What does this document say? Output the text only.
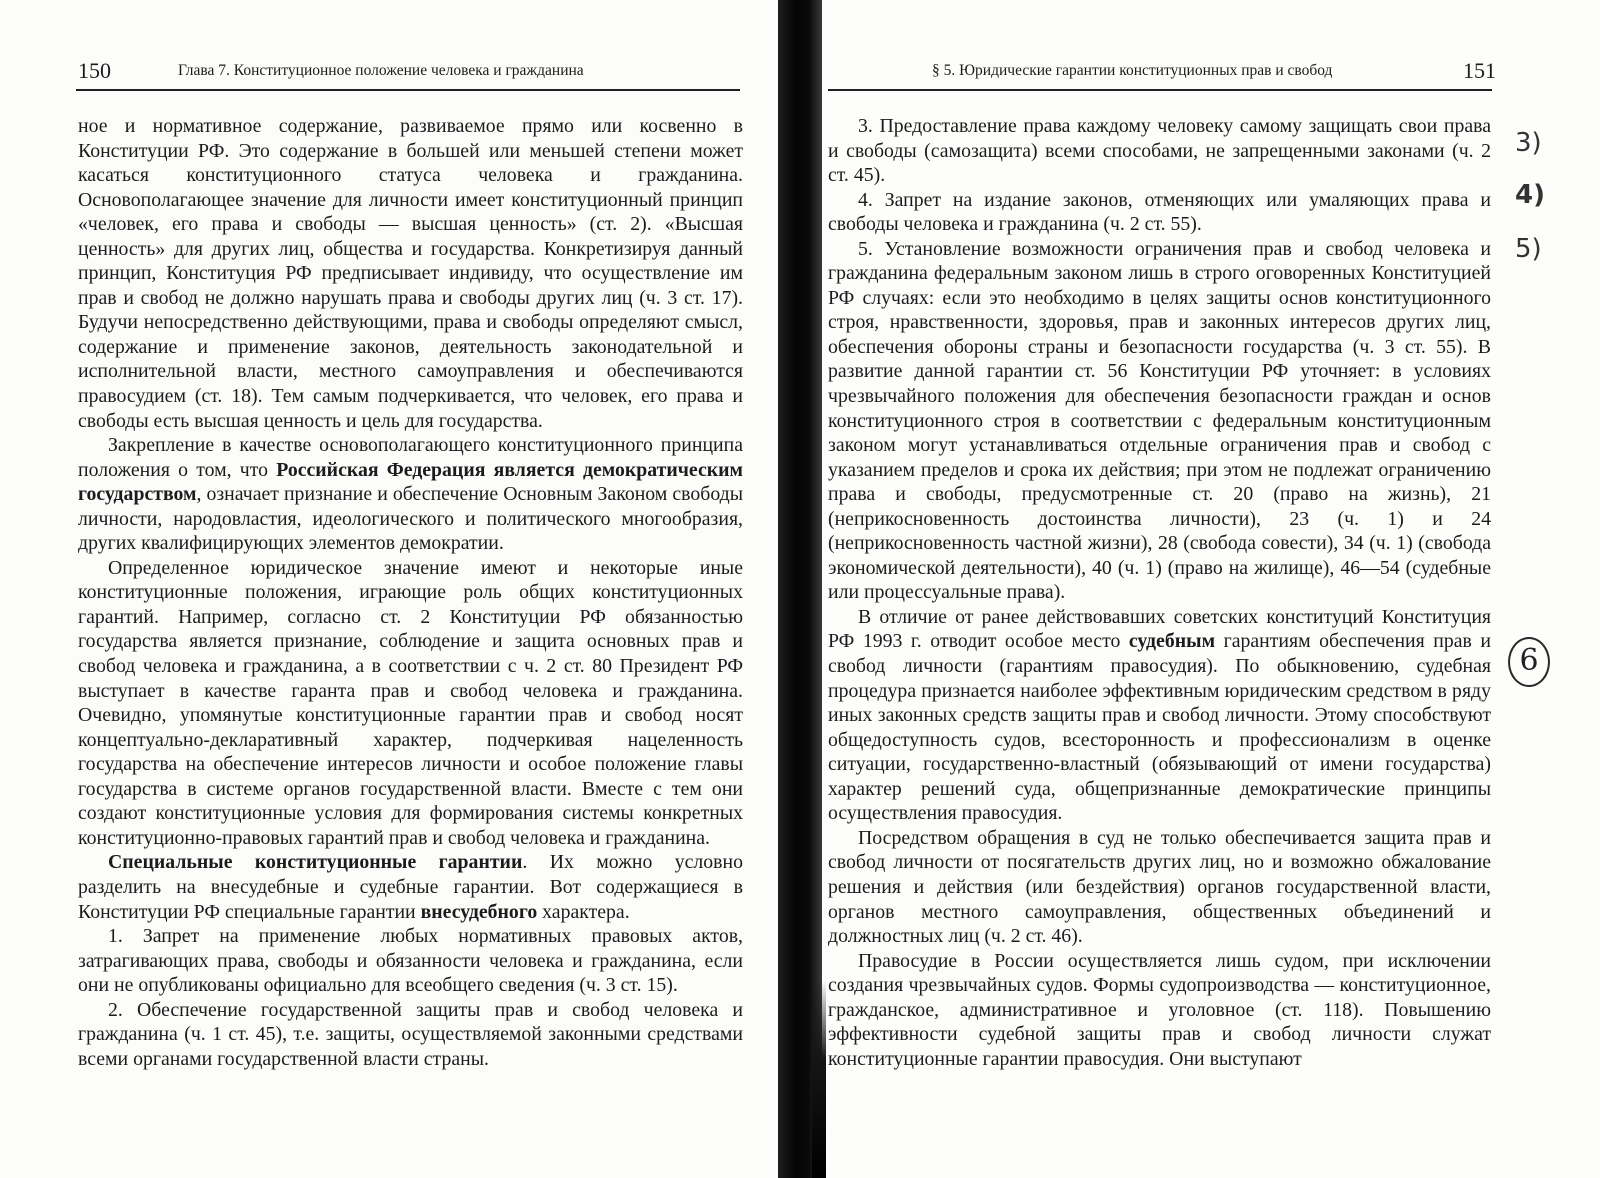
150	Глава 7. Конституционное положение человека и гражданина	§ 5. Юридические гарантии конституционных прав и свобод	151

ное и нормативное содержание, развиваемое прямо или косвенно в Конституции РФ. Это содержание в большей или меньшей степени может касаться конституционного статуса человека и гражданина. Основополагающее значение для личности имеет конституционный принцип «человек, его права и свободы — высшая ценность» (ст. 2). «Высшая ценность» для других лиц, общества и государства. Конкретизируя данный принцип, Конституция РФ предписывает индивиду, что осуществление им прав и свобод не должно нарушать права и свободы других лиц (ч. 3 ст. 17). Будучи непосредственно действующими, права и свободы определяют смысл, содержание и применение законов, деятельность законодательной и исполнительной власти, местного самоуправления и обеспечиваются правосудием (ст. 18). Тем самым подчеркивается, что человек, его права и свободы есть высшая ценность и цель для государства.

Закрепление в качестве основополагающего конституционного принципа положения о том, что Российская Федерация является демократическим государством, означает признание и обеспечение Основным Законом свободы личности, народовластия, идеологического и политического многообразия, других квалифицирующих элементов демократии.

Определенное юридическое значение имеют и некоторые иные конституционные положения, играющие роль общих конституционных гарантий. Например, согласно ст. 2 Конституции РФ обязанностью государства является признание, соблюдение и защита основных прав и свобод человека и гражданина, а в соответствии с ч. 2 ст. 80 Президент РФ выступает в качестве гаранта прав и свобод человека и гражданина. Очевидно, упомянутые конституционные гарантии прав и свобод носят концептуально-декларативный характер, подчеркивая нацеленность государства на обеспечение интересов личности и особое положение главы государства в системе органов государственной власти. Вместе с тем они создают конституционные условия для формирования системы конкретных конституционно-правовых гарантий прав и свобод человека и гражданина.

Специальные конституционные гарантии. Их можно условно разделить на внесудебные и судебные гарантии. Вот содержащиеся в Конституции РФ специальные гарантии внесудебного характера.

1. Запрет на применение любых нормативных правовых актов, затрагивающих права, свободы и обязанности человека и гражданина, если они не опубликованы официально для всеобщего сведения (ч. 3 ст. 15).

2. Обеспечение государственной защиты прав и свобод человека и гражданина (ч. 1 ст. 45), т.е. защиты, осуществляемой законными средствами всеми органами государственной власти страны.

3. Предоставление права каждому человеку самому защищать свои права и свободы (самозащита) всеми способами, не запрещенными законами (ч. 2 ст. 45).

4. Запрет на издание законов, отменяющих или умаляющих права и свободы человека и гражданина (ч. 2 ст. 55).

5. Установление возможности ограничения прав и свобод человека и гражданина федеральным законом лишь в строго оговоренных Конституцией РФ случаях: если это необходимо в целях защиты основ конституционного строя, нравственности, здоровья, прав и законных интересов других лиц, обеспечения обороны страны и безопасности государства (ч. 3 ст. 55). В развитие данной гарантии ст. 56 Конституции РФ уточняет: в условиях чрезвычайного положения для обеспечения безопасности граждан и основ конституционного строя в соответствии с федеральным конституционным законом могут устанавливаться отдельные ограничения прав и свобод с указанием пределов и срока их действия; при этом не подлежат ограничению права и свободы, предусмотренные ст. 20 (право на жизнь), 21 (неприкосновенность достоинства личности), 23 (ч. 1) и 24 (неприкосновенность частной жизни), 28 (свобода совести), 34 (ч. 1) (свобода экономической деятельности), 40 (ч. 1) (право на жилище), 46—54 (судебные или процессуальные права).

В отличие от ранее действовавших советских конституций Конституция РФ 1993 г. отводит особое место судебным гарантиям обеспечения прав и свобод личности (гарантиям правосудия). По обыкновению, судебная процедура признается наиболее эффективным юридическим средством в ряду иных законных средств защиты прав и свобод личности. Этому способствуют общедоступность судов, всесторонность и профессионализм в оценке ситуации, государственно-властный (обязывающий от имени государства) характер решений суда, общепризнанные демократические принципы осуществления правосудия.

Посредством обращения в суд не только обеспечивается защита прав и свобод личности от посягательств других лиц, но и возможно обжалование решения и действия (или бездействия) органов государственной власти, органов местного самоуправления, общественных объединений и должностных лиц (ч. 2 ст. 46).

Правосудие в России осуществляется лишь судом, при исключении создания чрезвычайных судов. Формы судопроизводства — конституционное, гражданское, административное и уголовное (ст. 118). Повышению эффективности судебной защиты прав и свобод личности служат конституционные гарантии правосудия. Они выступают

3)
4)
5)
6
